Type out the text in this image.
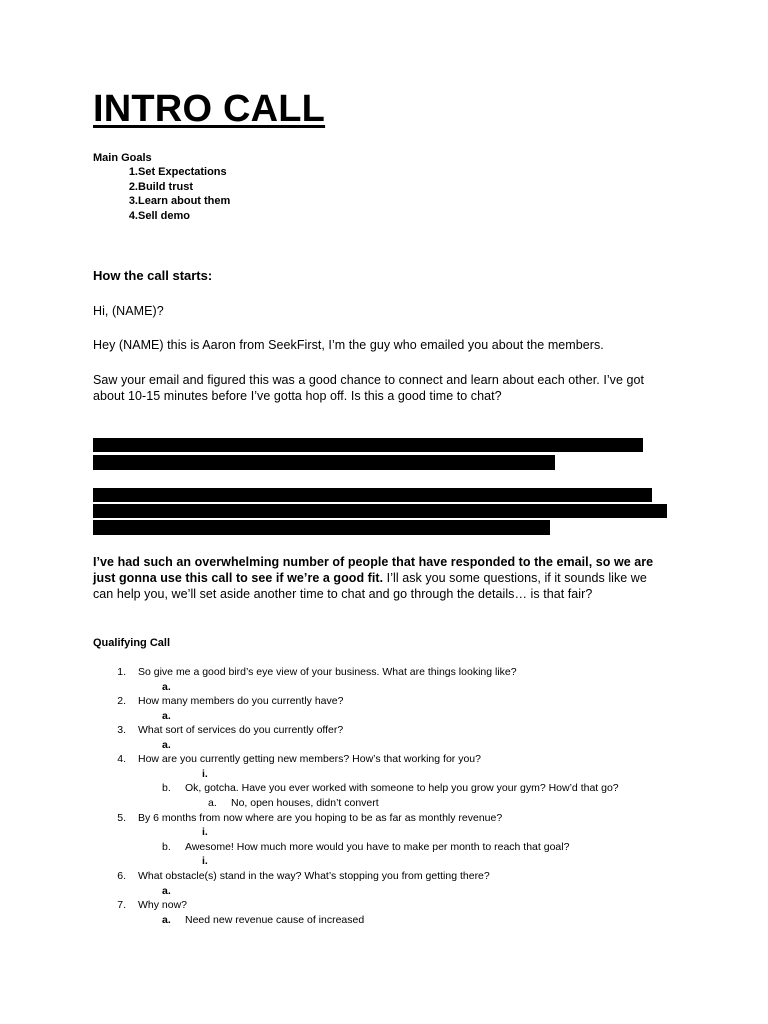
INTRO CALL
Main Goals
1. Set Expectations
2. Build trust
3. Learn about them
4. Sell demo
How the call starts:
Hi, (NAME)?
Hey (NAME) this is Aaron from SeekFirst, I’m the guy who emailed you about the members.
Saw your email and figured this was a good chance to connect and learn about each other. I’ve got
about 10-15 minutes before I’ve gotta hop off. Is this a good time to chat?
I’ve had such an overwhelming number of people that have responded to the email, so we are
just gonna use this call to see if we’re a good fit. I’ll ask you some questions, if it sounds like we
can help you, we’ll set aside another time to chat and go through the details… is that fair?
Qualifying Call
1. So give me a good bird’s eye view of your business. What are things looking like?
a.
2. How many members do you currently have?
a.
3. What sort of services do you currently offer?
a.
4. How are you currently getting new members? How’s that working for you?
i.
b. Ok, gotcha. Have you ever worked with someone to help you grow your gym? How’d that go?
a. No, open houses, didn’t convert
5. By 6 months from now where are you hoping to be as far as monthly revenue?
i.
b. Awesome! How much more would you have to make per month to reach that goal?
i.
6. What obstacle(s) stand in the way? What’s stopping you from getting there?
a.
7. Why now?
a. Need new revenue cause of increased
